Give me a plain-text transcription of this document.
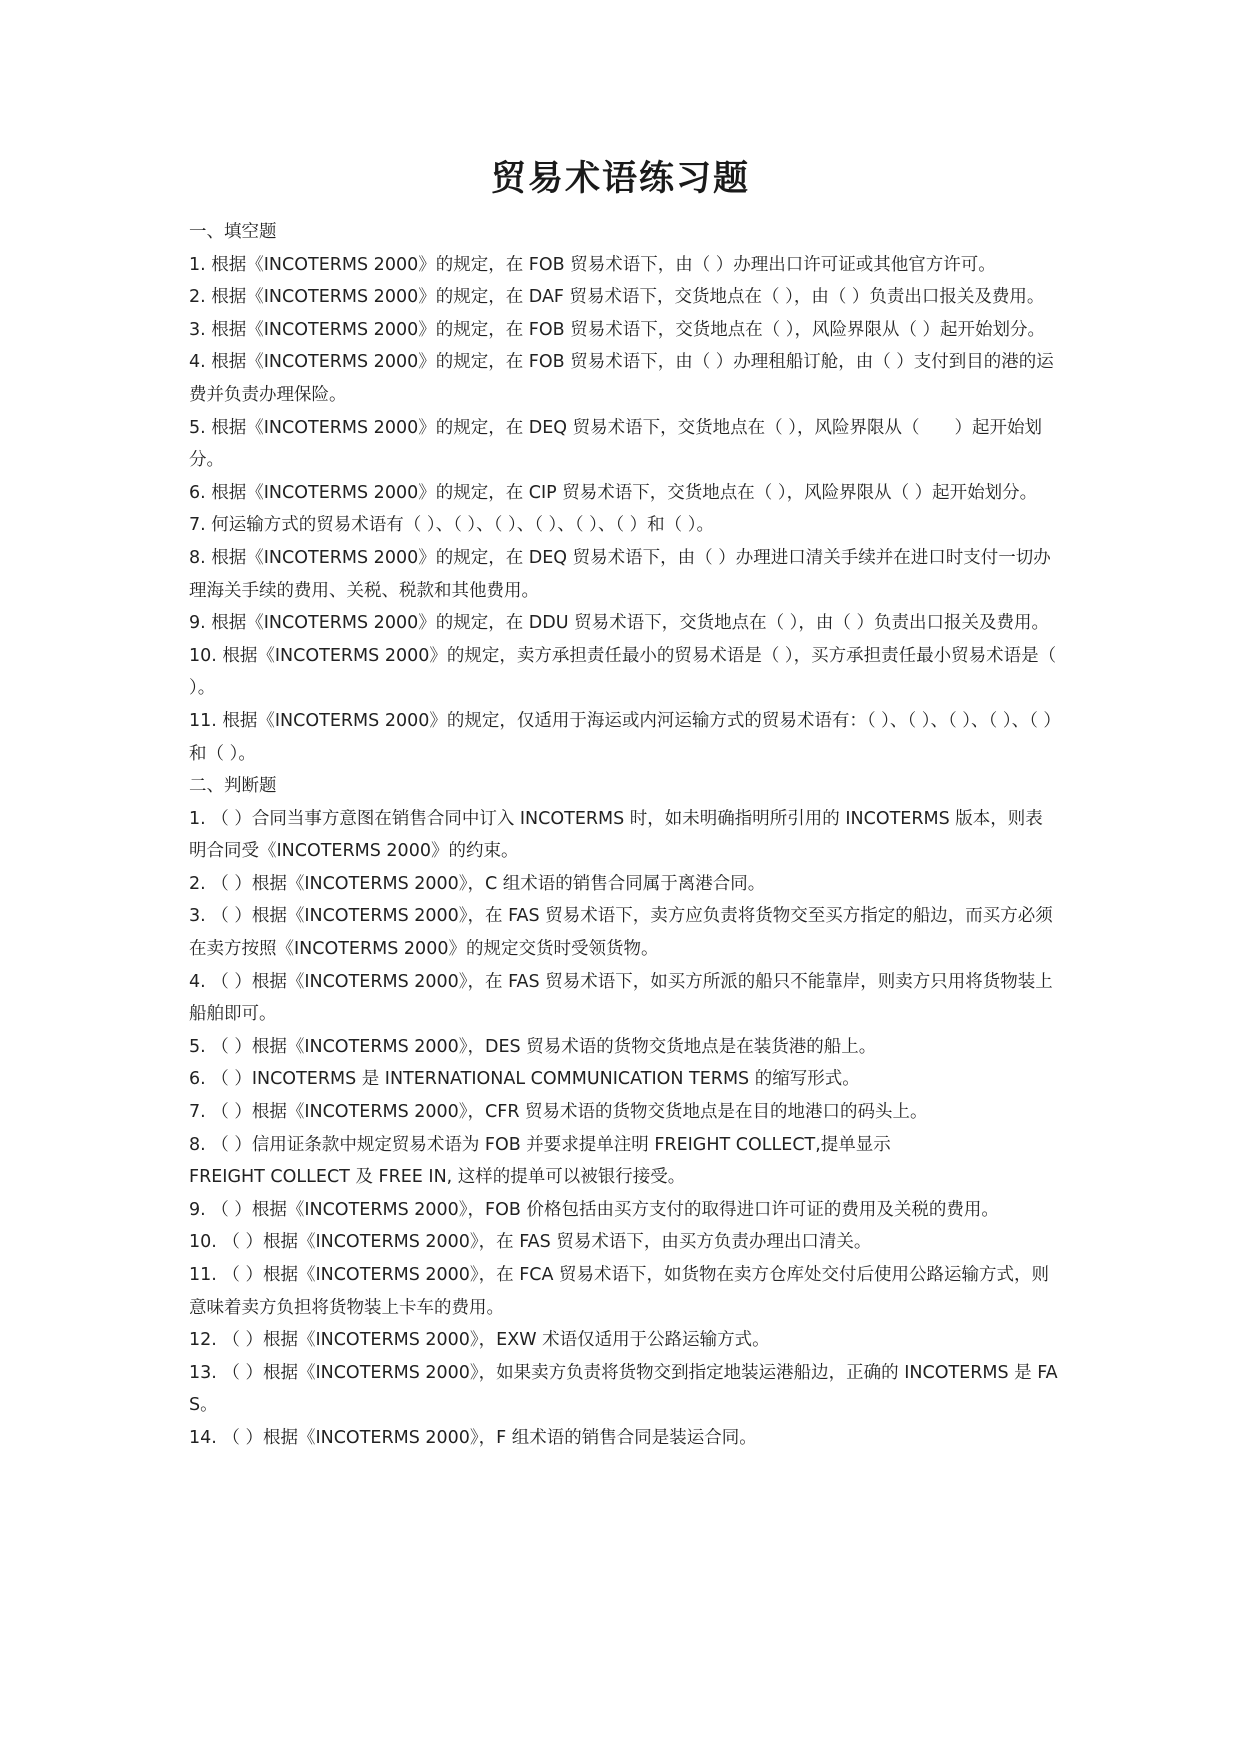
贸易术语练习题
一、填空题
1. 根据《INCOTERMS 2000》的规定，在 FOB 贸易术语下，由（ ）办理出口许可证或其他官方许可。
2. 根据《INCOTERMS 2000》的规定，在 DAF 贸易术语下，交货地点在（ ），由（ ）负责出口报关及费用。
3. 根据《INCOTERMS 2000》的规定，在 FOB 贸易术语下，交货地点在（ ），风险界限从（ ）起开始划分。
4. 根据《INCOTERMS 2000》的规定，在 FOB 贸易术语下，由（ ）办理租船订舱，由（ ）支付到目的港的运费并负责办理保险。
5. 根据《INCOTERMS 2000》的规定，在 DEQ 贸易术语下，交货地点在（ ），风险界限从（　　）起开始划分。
6. 根据《INCOTERMS 2000》的规定，在 CIP 贸易术语下，交货地点在（ ），风险界限从（ ）起开始划分。
7. 何运输方式的贸易术语有（ ）、（ ）、（ ）、（ ）、（ ）、（ ）和（ ）。
8. 根据《INCOTERMS 2000》的规定，在 DEQ 贸易术语下，由（ ）办理进口清关手续并在进口时支付一切办理海关手续的费用、关税、税款和其他费用。
9. 根据《INCOTERMS 2000》的规定，在 DDU 贸易术语下，交货地点在（ ），由（ ）负责出口报关及费用。
10. 根据《INCOTERMS 2000》的规定，卖方承担责任最小的贸易术语是（ ），买方承担责任最小贸易术语是（ ）。
11. 根据《INCOTERMS 2000》的规定，仅适用于海运或内河运输方式的贸易术语有：（ ）、（ ）、（ ）、（ ）、（ ）和（ ）。
二、判断题
1. （ ）合同当事方意图在销售合同中订入 INCOTERMS 时，如未明确指明所引用的 INCOTERMS 版本，则表明合同受《INCOTERMS 2000》的约束。
2. （ ）根据《INCOTERMS 2000》，C 组术语的销售合同属于离港合同。
3. （ ）根据《INCOTERMS 2000》，在 FAS 贸易术语下，卖方应负责将货物交至买方指定的船边，而买方必须在卖方按照《INCOTERMS 2000》的规定交货时受领货物。
4. （ ）根据《INCOTERMS 2000》，在 FAS 贸易术语下，如买方所派的船只不能靠岸，则卖方只用将货物装上船舶即可。
5. （ ）根据《INCOTERMS 2000》，DES 贸易术语的货物交货地点是在装货港的船上。
6. （ ）INCOTERMS 是 INTERNATIONAL COMMUNICATION TERMS 的缩写形式。
7. （ ）根据《INCOTERMS 2000》，CFR 贸易术语的货物交货地点是在目的地港口的码头上。
8. （ ）信用证条款中规定贸易术语为 FOB 并要求提单注明 FREIGHT COLLECT,提单显示
FREIGHT COLLECT 及 FREE IN, 这样的提单可以被银行接受。
9. （ ）根据《INCOTERMS 2000》，FOB 价格包括由买方支付的取得进口许可证的费用及关税的费用。
10. （ ）根据《INCOTERMS 2000》，在 FAS 贸易术语下，由买方负责办理出口清关。
11. （ ）根据《INCOTERMS 2000》，在 FCA 贸易术语下，如货物在卖方仓库处交付后使用公路运输方式，则意味着卖方负担将货物装上卡车的费用。
12. （ ）根据《INCOTERMS 2000》，EXW 术语仅适用于公路运输方式。
13. （ ）根据《INCOTERMS 2000》，如果卖方负责将货物交到指定地装运港船边，正确的 INCOTERMS 是 FAS。
14. （ ）根据《INCOTERMS 2000》，F 组术语的销售合同是装运合同。
